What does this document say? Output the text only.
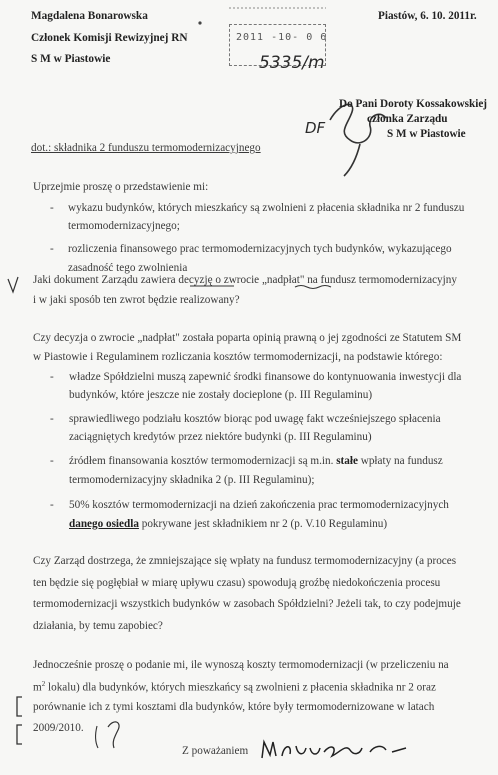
Magdalena Bonarowska
Członek Komisji Rewizyjnej RN
S M w Piastowie
Piastów, 6. 10. 2011r.
2011 -10- 0 6
5335/m
DF
Do Pani Doroty Kossakowskiej
członka Zarządu
S M w Piastowie
dot.: składnika 2 funduszu termomodernizacyjnego
Uprzejmie proszę o przedstawienie mi:
- wykazu budynków, których mieszkańcy są zwolnieni z płacenia składnika nr 2 funduszu
termomodernizacyjnego;
- rozliczenia finansowego prac termomodernizacyjnych tych budynków, wykazującego
zasadność tego zwolnienia
Jaki dokument Zarządu zawiera decyzję o zwrocie „nadpłat" na fundusz termomodernizacyjny
i w jaki sposób ten zwrot będzie realizowany?
Czy decyzja o zwrocie „nadpłat" została poparta opinią prawną o jej zgodności ze Statutem SM
w Piastowie i Regulaminem rozliczania kosztów termomodernizacji, na podstawie którego:
- władze Spółdzielni muszą zapewnić środki finansowe do kontynuowania inwestycji dla
budynków, które jeszcze nie zostały docieplone (p. III Regulaminu)
- sprawiedliwego podziału kosztów biorąc pod uwagę fakt wcześniejszego spłacenia
zaciągniętych kredytów przez niektóre budynki (p. III Regulaminu)
- źródłem finansowania kosztów termomodernizacji są m.in. stałe wpłaty na fundusz
termomodernizacyjny składnika 2 (p. III Regulaminu);
- 50% kosztów termomodernizacji na dzień zakończenia prac termomodernizacyjnych
danego osiedla pokrywane jest składnikiem nr 2 (p. V.10 Regulaminu)
Czy Zarząd dostrzega, że zmniejszające się wpłaty na fundusz termomodernizacyjny (a proces
ten będzie się pogłębiał w miarę upływu czasu) spowodują groźbę niedokończenia procesu
termomodernizacji wszystkich budynków w zasobach Spółdzielni? Jeżeli tak, to czy podejmuje
działania, by temu zapobiec?
Jednocześnie proszę o podanie mi, ile wynoszą koszty termomodernizacji (w przeliczeniu na
$m^2$ lokalu) dla budynków, których mieszkańcy są zwolnieni z płacenia składnika nr 2 oraz
porównanie ich z tymi kosztami dla budynków, które były termomodernizowane w latach
2009/2010.
Z poważaniem
